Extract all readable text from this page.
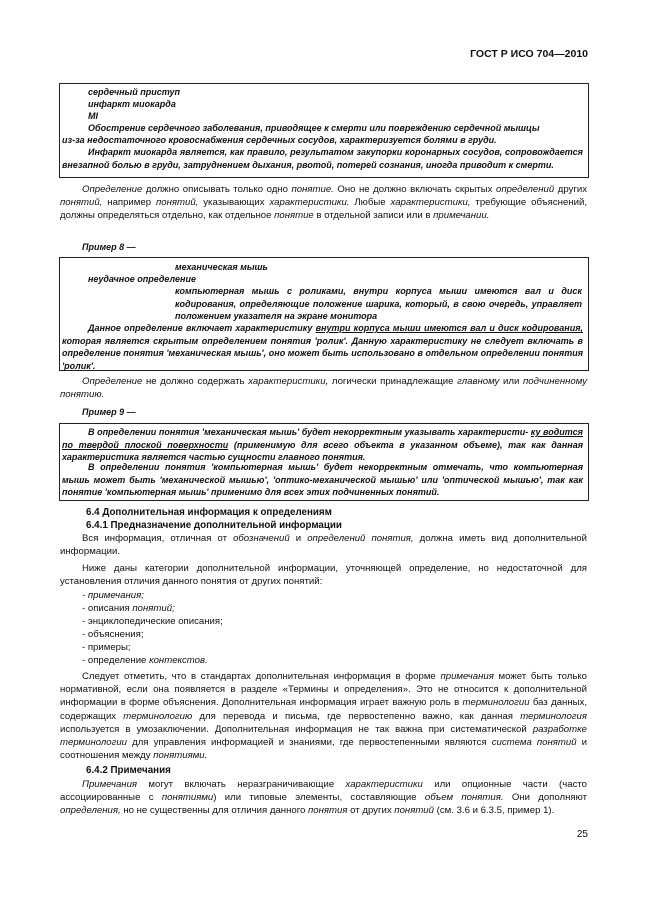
ГОСТ Р ИСО 704—2010
сердечный приступ
инфаркт миокарда
MI
Обострение сердечного заболевания, приводящее к смерти или повреждению сердечной мышцы
из-за недостаточного кровоснабжения сердечных сосудов, характеризуется болями в груди.
Инфаркт миокарда является, как правило, результатом закупорки коронарных сосудов, сопровождается внезапной болью в груди, затруднением дыхания, рвотой, потерей сознания, иногда приводит к смерти.

Определение должно описывать только одно понятие. Оно не должно включать скрытых определений других понятий, например понятий, указывающих характеристики. Любые характеристики, требующие объяснений, должны определяться отдельно, как отдельное понятие в отдельной записи или в примечании.

Пример 8 —
механическая мышь
неудачное определение
компьютерная мышь с роликами, внутри корпуса мыши имеются вал и диск кодирования, определяющие положение шарика, который, в свою очередь, управляет положением указателя на экране монитора
Данное определение включает характеристику внутри корпуса мыши имеются вал и диск кодирования, которая является скрытым определением понятия 'ролик'. Данную характеристику не следует включать в определение понятия 'механическая мышь', оно может быть использовано в отдельном определении понятия 'ролик'.

Определение не должно содержать характеристики, логически принадлежащие главному или подчиненному понятию.

Пример 9 —
В определении понятия 'механическая мышь' будет некорректным указывать характеристи- ку водится по твердой плоской поверхности (применимую для всего объекта в указанном объеме), так как данная характеристика является частью сущности главного понятия.
В определении понятия 'компьютерная мышь' будет некорректным отмечать, что компьютерная мышь может быть 'механической мышью', 'оптико-механической мышью' или 'оптической мышью', так как понятие 'компьютерная мышь' применимо для всех этих подчиненных понятий.
6.4 Дополнительная информация к определениям
6.4.1 Предназначение дополнительной информации

Вся информация, отличная от обозначений и определений понятия, должна иметь вид дополнительной информации.

Ниже даны категории дополнительной информации, уточняющей определение, но недостаточной для установления отличия данного понятия от других понятий:

- примечания;
- описания понятий;
- энциклопедические описания;
- объяснения;
- примеры;
- определение контекстов.

Следует отметить, что в стандартах дополнительная информация в форме примечания может быть только нормативной, если она появляется в разделе «Термины и определения». Это не относится к дополнительной информации в форме объяснения. Дополнительная информация играет важную роль в терминологии баз данных, содержащих терминологию для перевода и письма, где первостепенно важно, как данная терминология используется в умозаключении. Дополнительная информация не так важна при систематической разработке терминологии для управления информацией и знаниями, где первостепенными являются система понятий и соотношения между понятиями.

6.4.2 Примечания

Примечания могут включать неразграничивающие характеристики или опционные части (часто ассоциированные с понятиями) или типовые элементы, составляющие объем понятия. Они дополняют определения, но не существенны для отличия данного понятия от других понятий (см. 3.6 и 6.3.5, пример 1).

25
